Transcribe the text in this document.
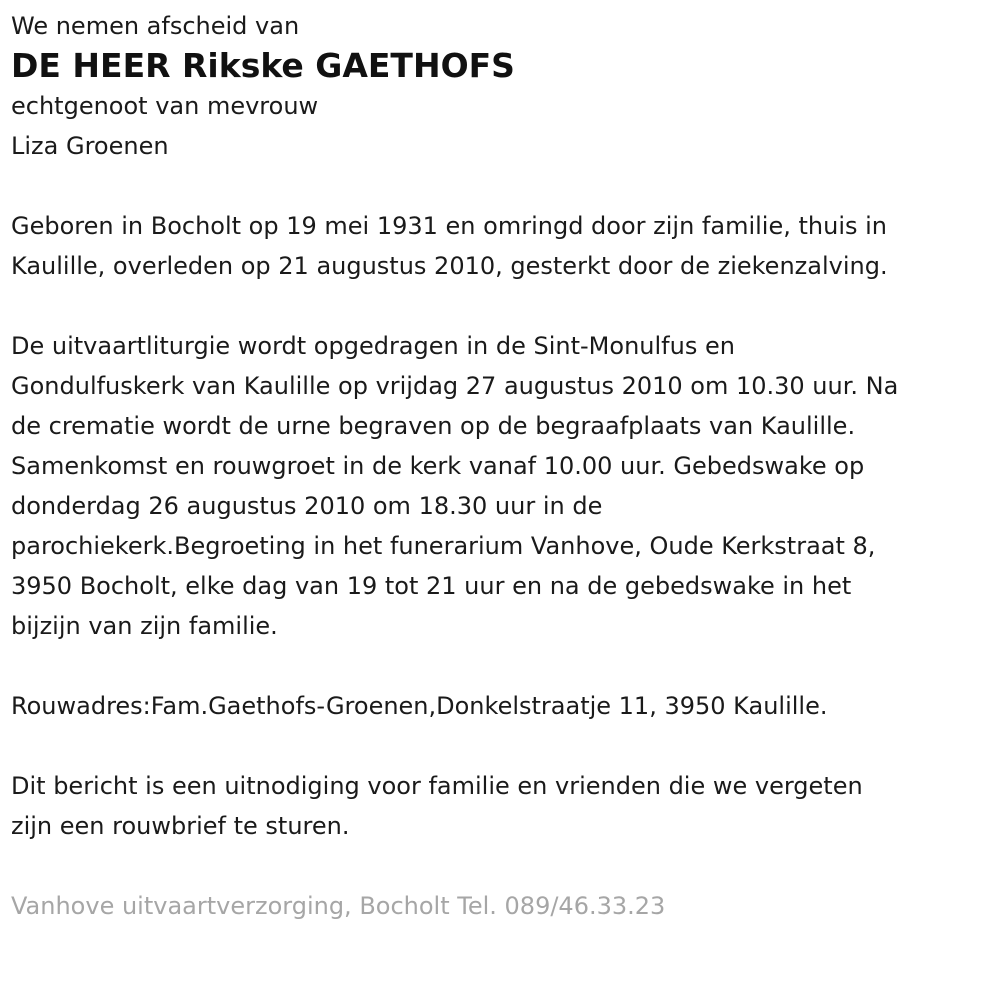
We nemen afscheid van

DE HEER Rikske GAETHOFS

echtgenoot van mevrouw

Liza Groenen

Geboren in Bocholt op 19 mei 1931 en omringd door zijn familie, thuis in
Kaulille, overleden op 21 augustus 2010, gesterkt door de ziekenzalving.

De uitvaartliturgie wordt opgedragen in de Sint-Monulfus en
Gondulfuskerk van Kaulille op vrijdag 27 augustus 2010 om 10.30 uur. Na
de crematie wordt de urne begraven op de begraafplaats van Kaulille.
Samenkomst en rouwgroet in de kerk vanaf 10.00 uur. Gebedswake op
donderdag 26 augustus 2010 om 18.30 uur in de
parochiekerk.Begroeting in het funerarium Vanhove, Oude Kerkstraat 8,
3950 Bocholt, elke dag van 19 tot 21 uur en na de gebedswake in het
bijzijn van zijn familie.

Rouwadres:Fam.Gaethofs-Groenen,Donkelstraatje 11, 3950 Kaulille.

Dit bericht is een uitnodiging voor familie en vrienden die we vergeten
zijn een rouwbrief te sturen.

Vanhove uitvaartverzorging, Bocholt Tel. 089/46.33.23
